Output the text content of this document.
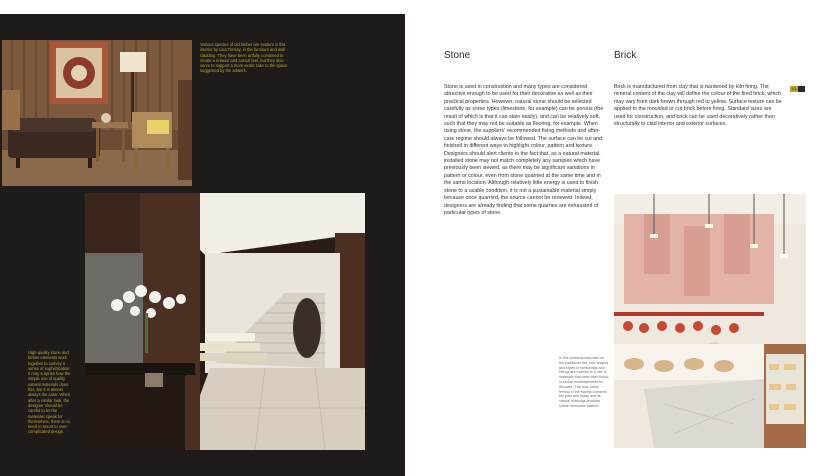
Various species of old timber are evident in this interior by Lisa Timsay, in the furniture and wall cladding. They have been artfully combined to create a relaxed and casual feel, but they also serve to support a more exotic take to the space suggested by the artwork.
High-quality stone and timber elements work together to convey a sense of sophistication. It may surprise how the simple use of quality natural materials does this, but it is almost always the case. When after a similar look, the designer should be careful to let the materials speak for themselves; there is no need to resort to over-complicated design.
Stone	Brick
Stone is used in construction and many types are considered attractive enough to be used for their decorative as well as their practical properties. However, natural stone should be selected carefully as some types (limestone, for example) can be porous (the result of which is that it can stain easily), and can be relatively soft, such that they may not be suitable as flooring, for example. When using stone, the suppliers' recommended fixing methods and after-care regime should always be followed. The surface can be cut and finished in different ways to highlight colour, pattern and texture. Designers should alert clients to the fact that, as a natural material, installed stone may not match completely any samples which have previously been viewed, as there may be significant variations in pattern or colour, even from stone quarried at the same time and in the same location. Although relatively little energy is used to finish stone to a usable condition, it is not a sustainable material simply because once quarried, the source cannot be renewed. Indeed, designers are already finding that some quarries are exhausted of particular types of stone.
Brick is manufactured from clay that is hardened by kiln firing. The mineral content of the clay will define the colour of the fired brick, which may vary from dark brown through red to yellow. Surface texture can be applied to the moulded or cut brick before firing. Standard sizes are used for construction, and brick can be used decoratively rather than structurally to clad interior and exterior surfaces.
01
In this contemporary take on the traditional deli, new shapes and styles of furnishings and fittings are married to a use of materials that have been found in similar establishments for decades. The cool, clean feeling of the marble connects the past with today and its natural markings provides subtle decorative pattern.
